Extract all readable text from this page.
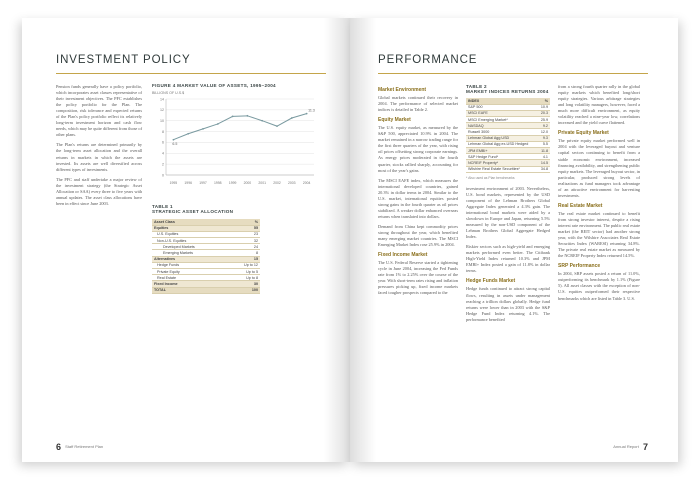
INVESTMENT POLICY

Pension funds generally have a policy portfolio, which incorporates asset classes representative of their investment objectives. The PFC establishes the policy portfolio for the Plan. The composition, risk tolerance and expected returns of the Plan's policy portfolio reflect its relatively long-term investment horizon and cash flow needs, which may be quite different from those of other plans.

The Plan's returns are determined primarily by the long-term asset allocation and the overall returns in markets in which the assets are invested. Its assets are well diversified across different types of investments.

The PFC and staff undertake a major review of the investment strategy (the Strategic Asset Allocation or SAA) every three to five years with annual updates. The asset class allocations have been in effect since June 2003.

FIGURE 4 MARKET VALUE OF ASSETS, 1995–2004
BILLIONS OF U.S.$
0
2
4
6
8
10
12
14
1995 1996 1997 1998 1999 2000 2001 2002 2003 2004
6.5
11.3
TABLE 1
STRATEGIC ASSET ALLOCATION
Asset Class	%
Equities	55
U.S. Equities	23
Non-U.S. Equities	32
Developed Markets	24
Emerging Markets	8
Alternatives	15
Hedge Funds	Up to 12
Private Equity	Up to 5
Real Estate	Up to 8
Fixed Income	30
TOTAL	100
6 Staff Retirement Plan
PERFORMANCE
Market Environment

Global markets continued their recovery in 2004. The performance of selected market indices is detailed in Table 2.

Equity Market

The U.S. equity market, as measured by the S&P 500, appreciated 10.9% in 2004. The market remained in a narrow trading range for the first three quarters of the year, with rising oil prices offsetting strong corporate earnings. As energy prices moderated in the fourth quarter, stocks rallied sharply, accounting for most of the year's gains.

The MSCI EAFE index, which measures the international developed countries, gained 20.3% in dollar terms in 2004. Similar to the U.S. market, international equities posted strong gains in the fourth quarter as oil prices stabilized. A weaker dollar enhanced overseas returns when translated into dollars.

Demand from China kept commodity prices strong throughout the year, which benefited many emerging market countries. The MSCI Emerging Market Index rose 25.9% in 2004.

Fixed Income Market

The U.S. Federal Reserve started a tightening cycle in June 2004, increasing the Fed Funds rate from 1% to 2.25% over the course of the year. With short-term rates rising and inflation pressures picking up, fixed income markets faced tougher prospects compared to the

TABLE 2
MARKET INDICES RETURNS 2004
INDEX	%
S&P 500	10.9
MSCI EAFE	20.3
MSCI Emerging Market*	25.9
NASDAQ	9.2
Russell 3000	12.0
Lehman Global Agg USD	9.3
Lehman Global Agg ex-USD Hedged	5.5
JPM EMBI+	11.8
S&P Hedge Fund*	4.1
NCREIF Property*	14.5
Wilshire Real Estate Securities*	34.8
* Also used as Plan benchmarks

investment environment of 2003. Nevertheless, U.S. bond markets, represented by the USD component of the Lehman Brothers Global Aggregate Index generated a 4.3% gain. The international bond markets were aided by a slowdown in Europe and Japan, returning 5.5% measured by the non-USD component of the Lehman Brothers Global Aggregate Hedged Index.

Riskier sectors such as high-yield and emerging markets performed even better. The Citibank High-Yield Index returned 10.3% and JPM EMBI+ Index posted a gain of 11.8% in dollar terms.

Hedge Funds Market

Hedge funds continued to attract strong capital flows, resulting in assets under management reaching a trillion dollars globally. Hedge fund returns were lower than in 2003 with the S&P Hedge Fund Index returning 4.1%. The performance benefited

from a strong fourth quarter rally in the global equity markets which benefited long/short equity strategies. Various arbitrage strategies and long volatility managers, however, faced a much more difficult environment, as equity volatility reached a nine-year low, correlations increased and the yield curve flattened.

Private Equity Market

The private equity market performed well in 2004 with the leveraged buyout and venture capital sectors continuing to benefit from a stable economic environment, increased financing availability, and strengthening public equity markets. The leveraged buyout sector, in particular, produced strong levels of realizations as fund managers took advantage of an attractive environment for harvesting investments.

Real Estate Market

The real estate market continued to benefit from strong investor interest, despite a rising interest rate environment. The public real estate market (the REIT sector) had another strong year, with the Wilshire Associates Real Estate Securities Index (WARESI) returning 34.8%. The private real estate market as measured by the NCREIF Property Index returned 14.5%.

SRP Performance

In 2004, SRP assets posted a return of 11.0%, outperforming its benchmark by 1.1% (Figure 5). All asset classes with the exception of non-U.S. equities outperformed their respective benchmarks which are listed in Table 3. U.S.

Annual Report 7
